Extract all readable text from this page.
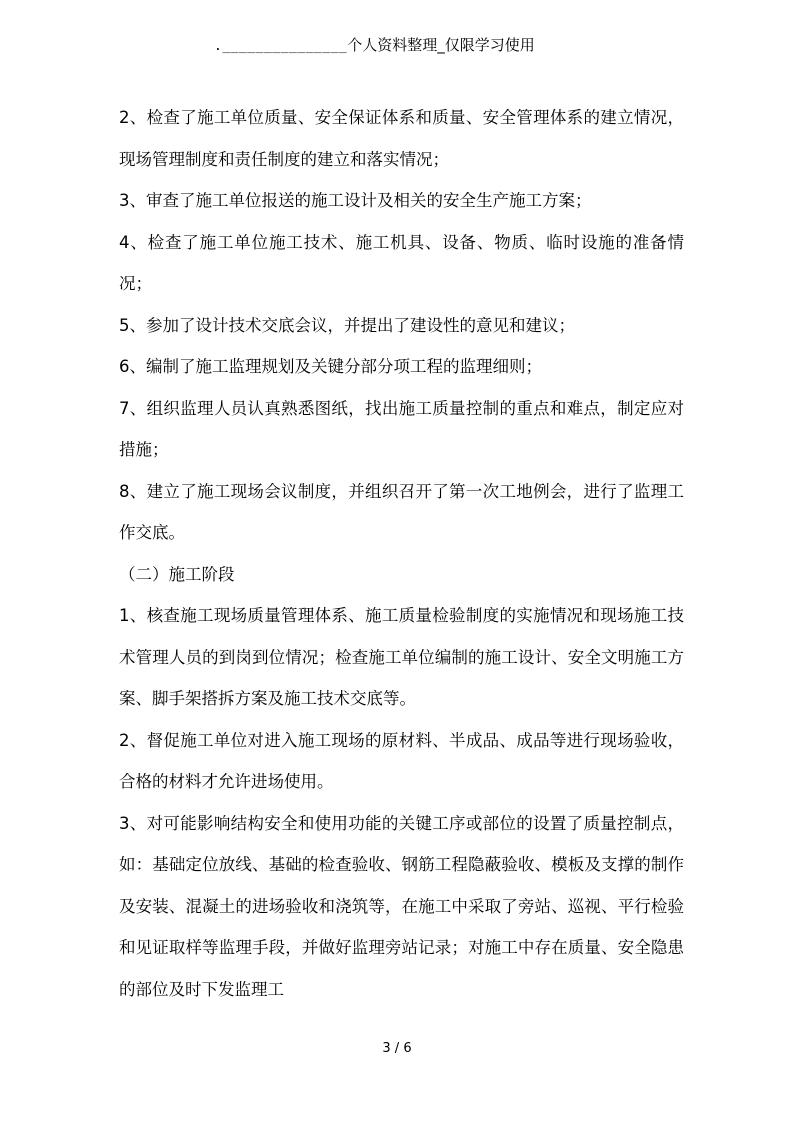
._______________个人资料整理_仅限学习使用

2、检查了施工单位质量、安全保证体系和质量、安全管理体系的建立情况，现场管理制度和责任制度的建立和落实情况；

3、审查了施工单位报送的施工设计及相关的安全生产施工方案；

4、检查了施工单位施工技术、施工机具、设备、物质、临时设施的准备情况；

5、参加了设计技术交底会议，并提出了建设性的意见和建议；

6、编制了施工监理规划及关键分部分项工程的监理细则；

7、组织监理人员认真熟悉图纸，找出施工质量控制的重点和难点，制定应对措施；

8、建立了施工现场会议制度，并组织召开了第一次工地例会，进行了监理工作交底。

（二）施工阶段

1、核查施工现场质量管理体系、施工质量检验制度的实施情况和现场施工技术管理人员的到岗到位情况；检查施工单位编制的施工设计、安全文明施工方案、脚手架搭拆方案及施工技术交底等。

2、督促施工单位对进入施工现场的原材料、半成品、成品等进行现场验收，合格的材料才允许进场使用。

3、对可能影响结构安全和使用功能的关键工序或部位的设置了质量控制点，如：基础定位放线、基础的检查验收、钢筋工程隐蔽验收、模板及支撑的制作及安装、混凝土的进场验收和浇筑等，在施工中采取了旁站、巡视、平行检验和见证取样等监理手段，并做好监理旁站记录；对施工中存在质量、安全隐患的部位及时下发监理工

3 / 6
